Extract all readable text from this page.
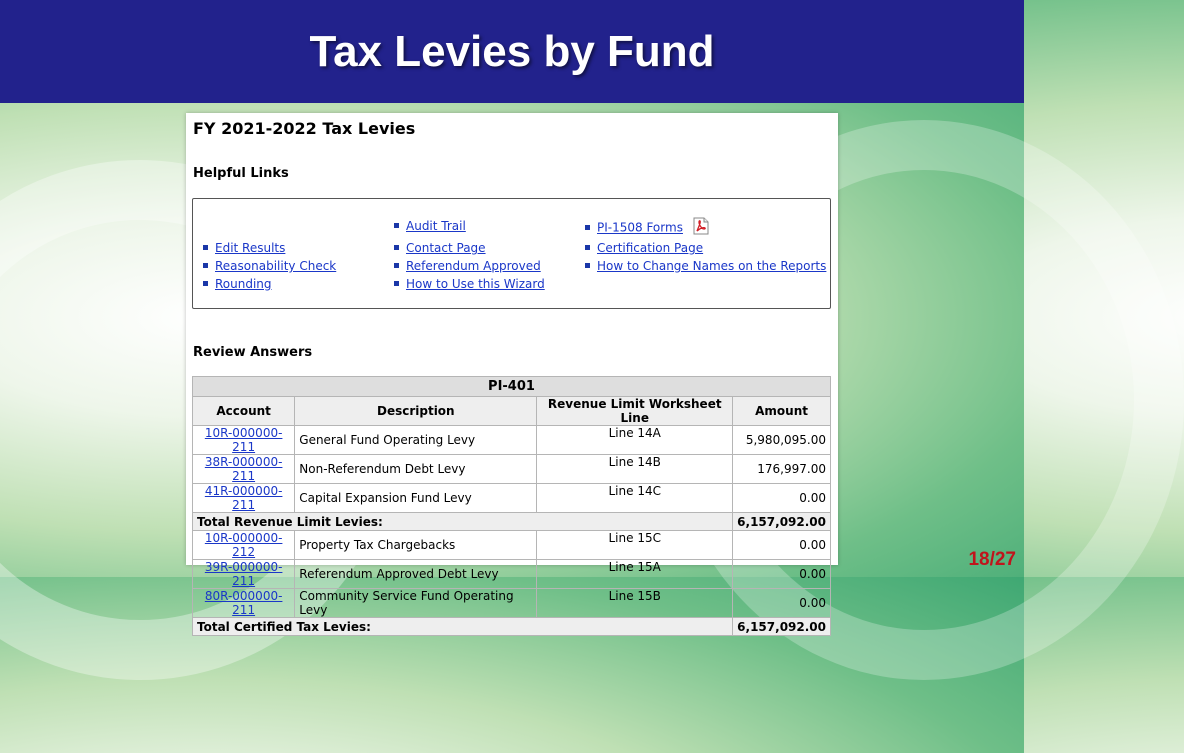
Tax Levies by Fund
FY 2021-2022 Tax Levies
Helpful Links
Edit Results
Reasonability Check
Rounding
Audit Trail
Contact Page
Referendum Approved
How to Use this Wizard
PI-1508 Forms
Certification Page
How to Change Names on the Reports
Review Answers
PI-401			
Account	Description	Revenue Limit Worksheet Line	Amount
10R-000000-211	General Fund Operating Levy	Line 14A	5,980,095.00
38R-000000-211	Non-Referendum Debt Levy	Line 14B	176,997.00
41R-000000-211	Capital Expansion Fund Levy	Line 14C	0.00
Total Revenue Limit Levies:			6,157,092.00
10R-000000-212	Property Tax Chargebacks	Line 15C	0.00
39R-000000-211	Referendum Approved Debt Levy	Line 15A	0.00
80R-000000-211	Community Service Fund Operating Levy	Line 15B	0.00
Total Certified Tax Levies:			6,157,092.00
18/27
